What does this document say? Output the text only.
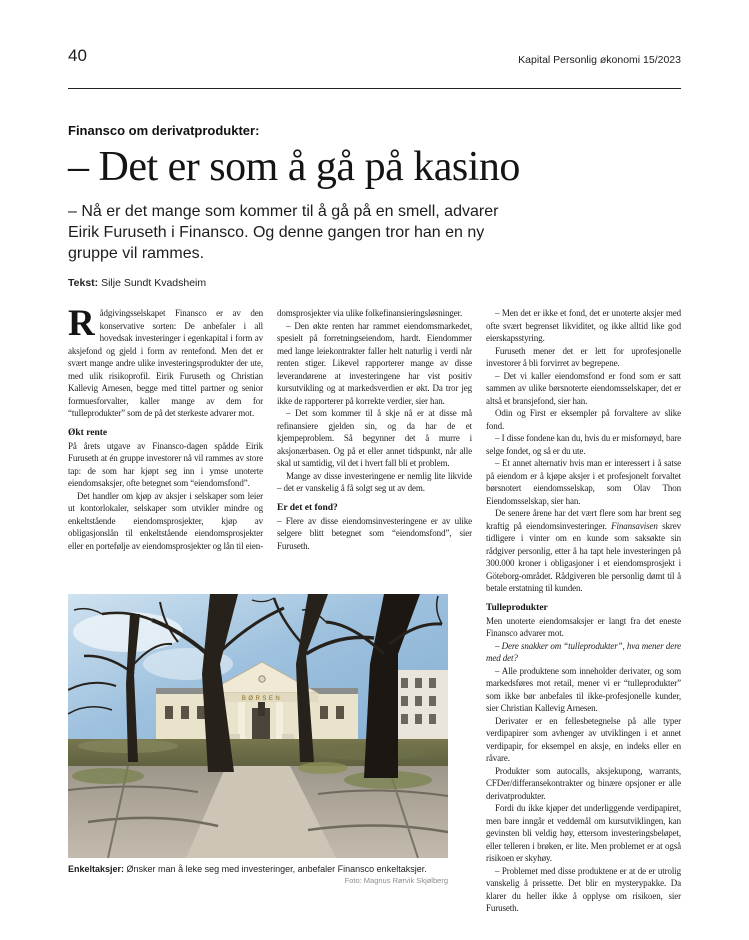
40	Kapital Personlig økonomi 15/2023
Finansco om derivatprodukter:
– Det er som å gå på kasino
– Nå er det mange som kommer til å gå på en smell, advarer Eirik Furuseth i Finansco. Og denne gangen tror han en ny gruppe vil rammes.
Tekst: Silje Sundt Kvadsheim

Rådgivingsselskapet Finansco er av den konservative sorten: De anbefaler i all hovedsak investeringer i egenkapital i form av aksjefond og gjeld i form av rentefond. Men det er svært mange andre ulike investeringsprodukter der ute, med ulik risikoprofil. Eirik Furuseth og Christian Kallevig Arnesen, begge med tittel partner og senior formuesforvalter, kaller mange av dem for “tulleprodukter” som de på det sterkeste advarer mot.

Økt rente

På årets utgave av Finansco-dagen spådde Eirik Furuseth at én gruppe investorer nå vil rammes av store tap: de som har kjøpt seg inn i ymse unoterte eiendomsaksjer, ofte betegnet som “eiendomsfond”.

Det handler om kjøp av aksjer i selskaper som leier ut kontorlokaler, selskaper som utvikler mindre og enkeltstående eiendomsprosjekter, kjøp av obligasjonslån til enkeltstående eiendomsprosjekter eller en portefølje av eiendomsprosjekter og lån til eien-

domsprosjekter via ulike folkefinansieringsløsninger.

– Den økte renten har rammet eiendomsmarkedet, spesielt på forretningseiendom, hardt. Eiendommer med lange leiekontrakter faller helt naturlig i verdi når renten stiger. Likevel rapporterer mange av disse leverandørene at investeringene har vist positiv kursutvikling og at markedsverdien er økt. Da tror jeg ikke de rapporterer på korrekte verdier, sier han.

– Det som kommer til å skje nå er at disse må refinansiere gjelden sin, og da har de et kjempeproblem. Så begynner det å murre i aksjonærbasen. Og på et eller annet tidspunkt, når alle skal ut samtidig, vil det i hvert fall bli et problem.

Mange av disse investeringene er nemlig lite likvide – det er vanskelig å få solgt seg ut av dem.

Er det et fond?

– Flere av disse eiendomsinvesteringene er av ulike selgere blitt betegnet som “eiendomsfond”, sier Furuseth.

– Men det er ikke et fond, det er unoterte aksjer med ofte svært begrenset likviditet, og ikke alltid like god eierskapsstyring.

Furuseth mener det er lett for uprofesjonelle investorer å bli forvirret av begrepene.

– Det vi kaller eiendomsfond er fond som er satt sammen av ulike børsnoterte eiendomsselskaper, det er altså et bransjefond, sier han.

Odin og First er eksempler på forvaltere av slike fond.

– I disse fondene kan du, hvis du er misfornøyd, bare selge fondet, og så er du ute.

– Et annet alternativ hvis man er interessert i å satse på eiendom er å kjøpe aksjer i et profesjonelt forvaltet børsnotert eiendomsselskap, som Olav Thon Eiendomsselskap, sier han.

De senere årene har det vært flere som har brent seg kraftig på eiendomsinvesteringer. Finansavisen skrev tidligere i vinter om en kunde som saksøkte sin rådgiver personlig, etter å ha tapt hele investeringen på 300.000 kroner i obligasjoner i et eiendomsprosjekt i Göteborg-området. Rådgiveren ble personlig dømt til å betale erstatning til kunden.

Tulleprodukter

Men unoterte eiendomsaksjer er langt fra det eneste Finansco advarer mot.

– Dere snakker om “tulleprodukter”, hva mener dere med det?

– Alle produktene som inneholder derivater, og som markedsføres mot retail, mener vi er “tulleprodukter” som ikke bør anbefales til ikke-profesjonelle kunder, sier Christian Kallevig Arnesen.

Derivater er en fellesbetegnelse på alle typer verdipapirer som avhenger av utviklingen i et annet verdipapir, for eksempel en aksje, en indeks eller en råvare.

Produkter som autocalls, aksjekupong, warrants, CFDer/differansekontrakter og binære opsjoner er alle derivatprodukter.

Fordi du ikke kjøper det underliggende verdipapiret, men bare inngår et veddemål om kursutviklingen, kan gevinsten bli veldig høy, ettersom investeringsbeløpet, eller telleren i brøken, er lite. Men problemet er at også risikoen er skyhøy.

– Problemet med disse produktene er at de er utrolig vanskelig å prissette. Det blir en mysterypakke. Da klarer du heller ikke å opplyse om risikoen, sier Furuseth.

BØRSEN
Enkeltaksjer: Ønsker man å leke seg med investeringer, anbefaler Finansco enkeltaksjer.
Foto: Magnus Rørvik Skjølberg
